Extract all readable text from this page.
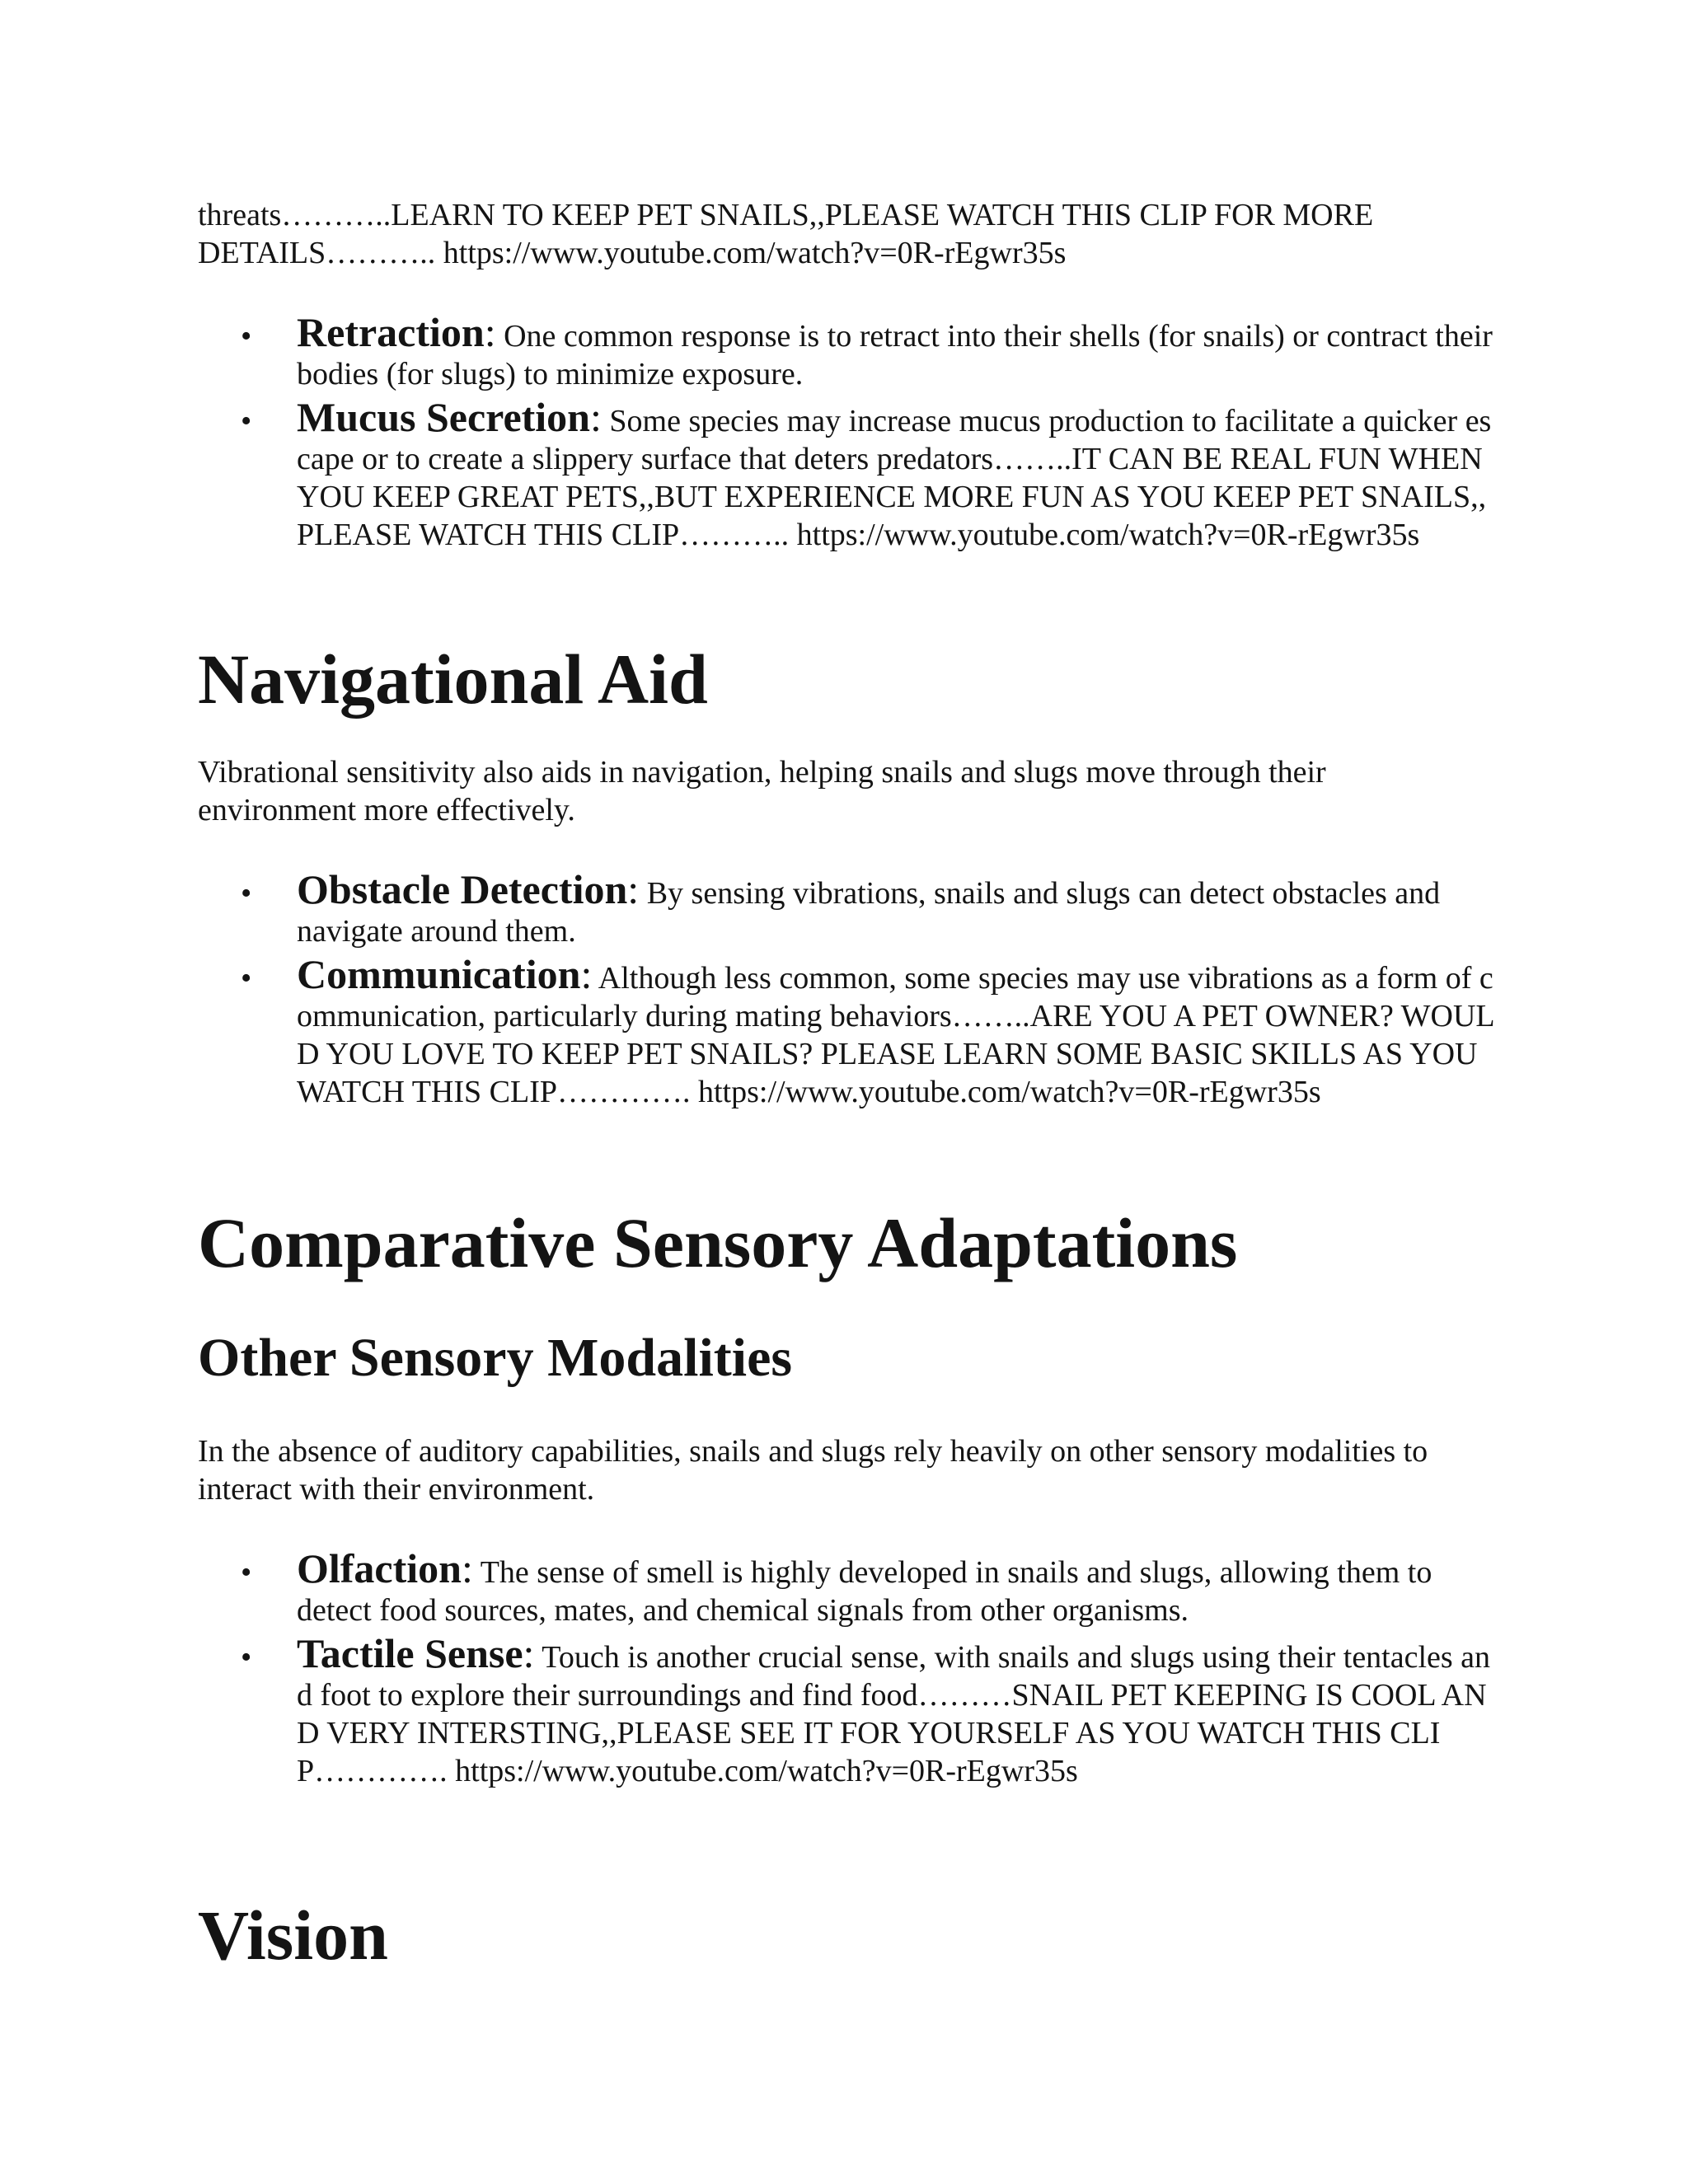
threats………..LEARN TO KEEP PET SNAILS,,PLEASE WATCH THIS CLIP FOR MORE DETAILS……….. https://www.youtube.com/watch?v=0R-rEgwr35s

• Retraction: One common response is to retract into their shells (for snails) or contract their bodies (for slugs) to minimize exposure.
• Mucus Secretion: Some species may increase mucus production to facilitate a quicker escape or to create a slippery surface that deters predators……..IT CAN BE REAL FUN WHEN YOU KEEP GREAT PETS,,BUT EXPERIENCE MORE FUN AS YOU KEEP PET SNAILS,,PLEASE WATCH THIS CLIP……….. https://www.youtube.com/watch?v=0R-rEgwr35s
Navigational Aid

Vibrational sensitivity also aids in navigation, helping snails and slugs move through their environment more effectively.

• Obstacle Detection: By sensing vibrations, snails and slugs can detect obstacles and navigate around them.
• Communication: Although less common, some species may use vibrations as a form of communication, particularly during mating behaviors……..ARE YOU A PET OWNER? WOULD YOU LOVE TO KEEP PET SNAILS? PLEASE LEARN SOME BASIC SKILLS AS YOU WATCH THIS CLIP…………. https://www.youtube.com/watch?v=0R-rEgwr35s
Comparative Sensory Adaptations
Other Sensory Modalities

In the absence of auditory capabilities, snails and slugs rely heavily on other sensory modalities to interact with their environment.

• Olfaction: The sense of smell is highly developed in snails and slugs, allowing them to detect food sources, mates, and chemical signals from other organisms.
• Tactile Sense: Touch is another crucial sense, with snails and slugs using their tentacles and foot to explore their surroundings and find food………SNAIL PET KEEPING IS COOL AND VERY INTERSTING,,PLEASE SEE IT FOR YOURSELF AS YOU WATCH THIS CLIP…………. https://www.youtube.com/watch?v=0R-rEgwr35s
Vision
